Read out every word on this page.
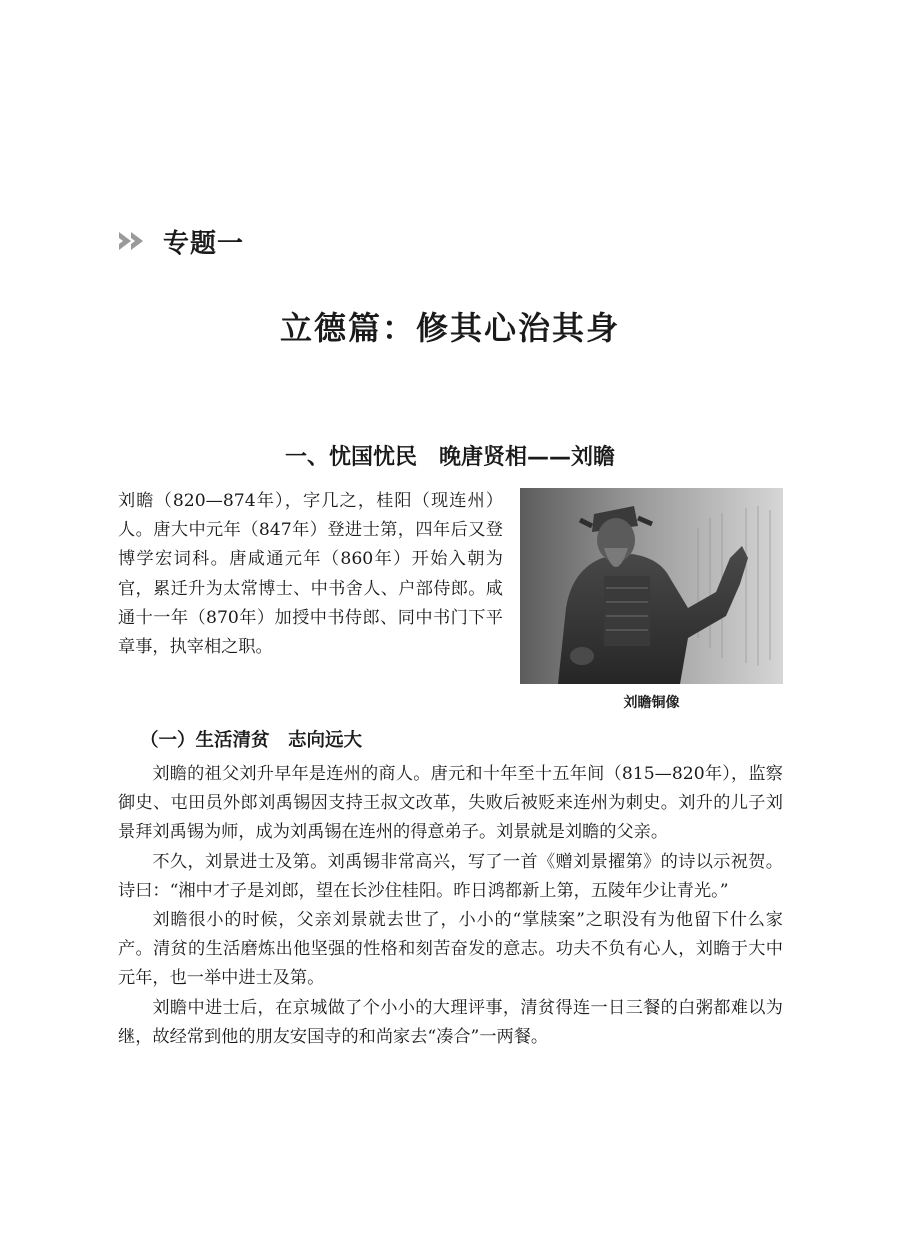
专题一
立德篇：修其心治其身
一、忧国忧民　晚唐贤相——刘瞻

刘瞻（820—874年），字几之，桂阳（现连州）人。唐大中元年（847年）登进士第，四年后又登博学宏词科。唐咸通元年（860年）开始入朝为官，累迁升为太常博士、中书舍人、户部侍郎。咸通十一年（870年）加授中书侍郎、同中书门下平章事，执宰相之职。

刘瞻铜像
（一）生活清贫　志向远大

刘瞻的祖父刘升早年是连州的商人。唐元和十年至十五年间（815—820年），监察御史、屯田员外郎刘禹锡因支持王叔文改革，失败后被贬来连州为刺史。刘升的儿子刘景拜刘禹锡为师，成为刘禹锡在连州的得意弟子。刘景就是刘瞻的父亲。

不久，刘景进士及第。刘禹锡非常高兴，写了一首《赠刘景擢第》的诗以示祝贺。诗曰：“湘中才子是刘郎，望在长沙住桂阳。昨日鸿都新上第，五陵年少让青光。”

刘瞻很小的时候，父亲刘景就去世了，小小的“掌牍案”之职没有为他留下什么家产。清贫的生活磨炼出他坚强的性格和刻苦奋发的意志。功夫不负有心人，刘瞻于大中元年，也一举中进士及第。

刘瞻中进士后，在京城做了个小小的大理评事，清贫得连一日三餐的白粥都难以为继，故经常到他的朋友安国寺的和尚家去“凑合”一两餐。
